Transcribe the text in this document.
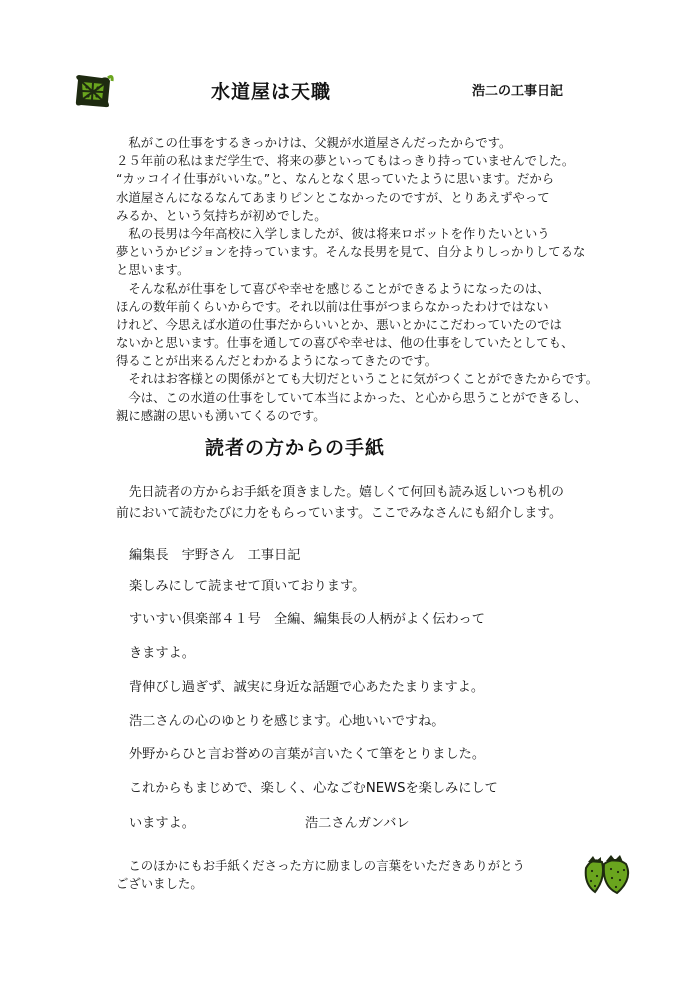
水道屋は天職	浩二の工事日記
　私がこの仕事をするきっかけは、父親が水道屋さんだったからです。
２５年前の私はまだ学生で、将来の夢といってもはっきり持っていませんでした。
“カッコイイ仕事がいいな。”と、なんとなく思っていたように思います。だから
水道屋さんになるなんてあまりピンとこなかったのですが、とりあえずやって
みるか、という気持ちが初めでした。
　私の長男は今年高校に入学しましたが、彼は将来ロボットを作りたいという
夢というかビジョンを持っています。そんな長男を見て、自分よりしっかりしてるな
と思います。
　そんな私が仕事をして喜びや幸せを感じることができるようになったのは、
ほんの数年前くらいからです。それ以前は仕事がつまらなかったわけではない
けれど、今思えば水道の仕事だからいいとか、悪いとかにこだわっていたのでは
ないかと思います。仕事を通しての喜びや幸せは、他の仕事をしていたとしても、
得ることが出来るんだとわかるようになってきたのです。
　それはお客様との関係がとても大切だということに気がつくことができたからです。
　今は、この水道の仕事をしていて本当によかった、と心から思うことができるし、
親に感謝の思いも湧いてくるのです。
読者の方からの手紙
　先日読者の方からお手紙を頂きました。嬉しくて何回も読み返しいつも机の
前において読むたびに力をもらっています。ここでみなさんにも紹介します。
編集長　宇野さん　工事日記
楽しみにして読ませて頂いております。
すいすい倶楽部４１号　全編、編集長の人柄がよく伝わって
きますよ。
背伸びし過ぎず、誠実に身近な話題で心あたたまりますよ。
浩二さんの心のゆとりを感じます。心地いいですね。
外野からひと言お誉めの言葉が言いたくて筆をとりました。
これからもまじめで、楽しく、心なごむNEWSを楽しみにして
いますよ。	浩二さんガンバレ
　このほかにもお手紙くださった方に励ましの言葉をいただきありがとう
ございました。
